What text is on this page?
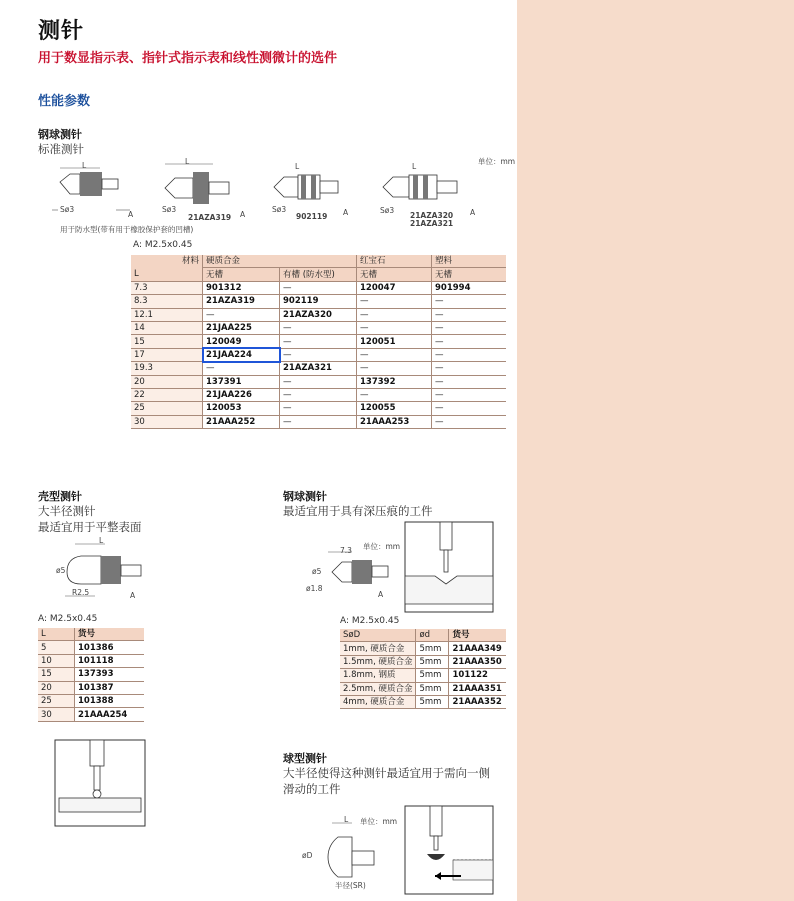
测针
用于数显指示表、指针式指示表和线性测微计的选件
性能参数
钢球测针
标准测针
单位：mm
L
Sø3
A
L
Sø3
21AZA319 A
L
Sø3
902119 A
L
Sø3
21AZA320
21AZA321
A
用于防水型(带有用于橡胶保护套的凹槽)
A: M2.5x0.45
材料	硬质合金		红宝石	塑料
L	无槽	有槽 (防水型)	无槽	无槽
7.3	901312	—	120047	901994
8.3	21AZA319	902119	—	—
12.1	—	21AZA320	—	—
14	21JAA225	—	—	—
15	120049	—	120051	—
17	21JAA224	—	—	—
19.3	—	21AZA321	—	—
20	137391	—	137392	—
22	21JAA226	—	—	—
25	120053	—	120055	—
30	21AAA252	—	21AAA253	—
壳型测针
大半径测针
最适宜用于平整表面
L
ø5
R2.5	A
A: M2.5x0.45
L	货号
5	101386
10	101118
15	137393
20	101387
25	101388
30	21AAA254
钢球测针
最适宜用于具有深压痕的工件
7.3 单位：mm
ø5
ø1.8
A
A: M2.5x0.45
SøD	ød	货号
1mm, 硬质合金	5mm	21AAA349
1.5mm, 硬质合金	5mm	21AAA350
1.8mm, 钢质	5mm	101122
2.5mm, 硬质合金	5mm	21AAA351
4mm, 硬质合金	5mm	21AAA352
球型测针
大半径使得这种测针最适宜用于需向一侧
滑动的工件
L 单位：mm
øD
半径(SR)
